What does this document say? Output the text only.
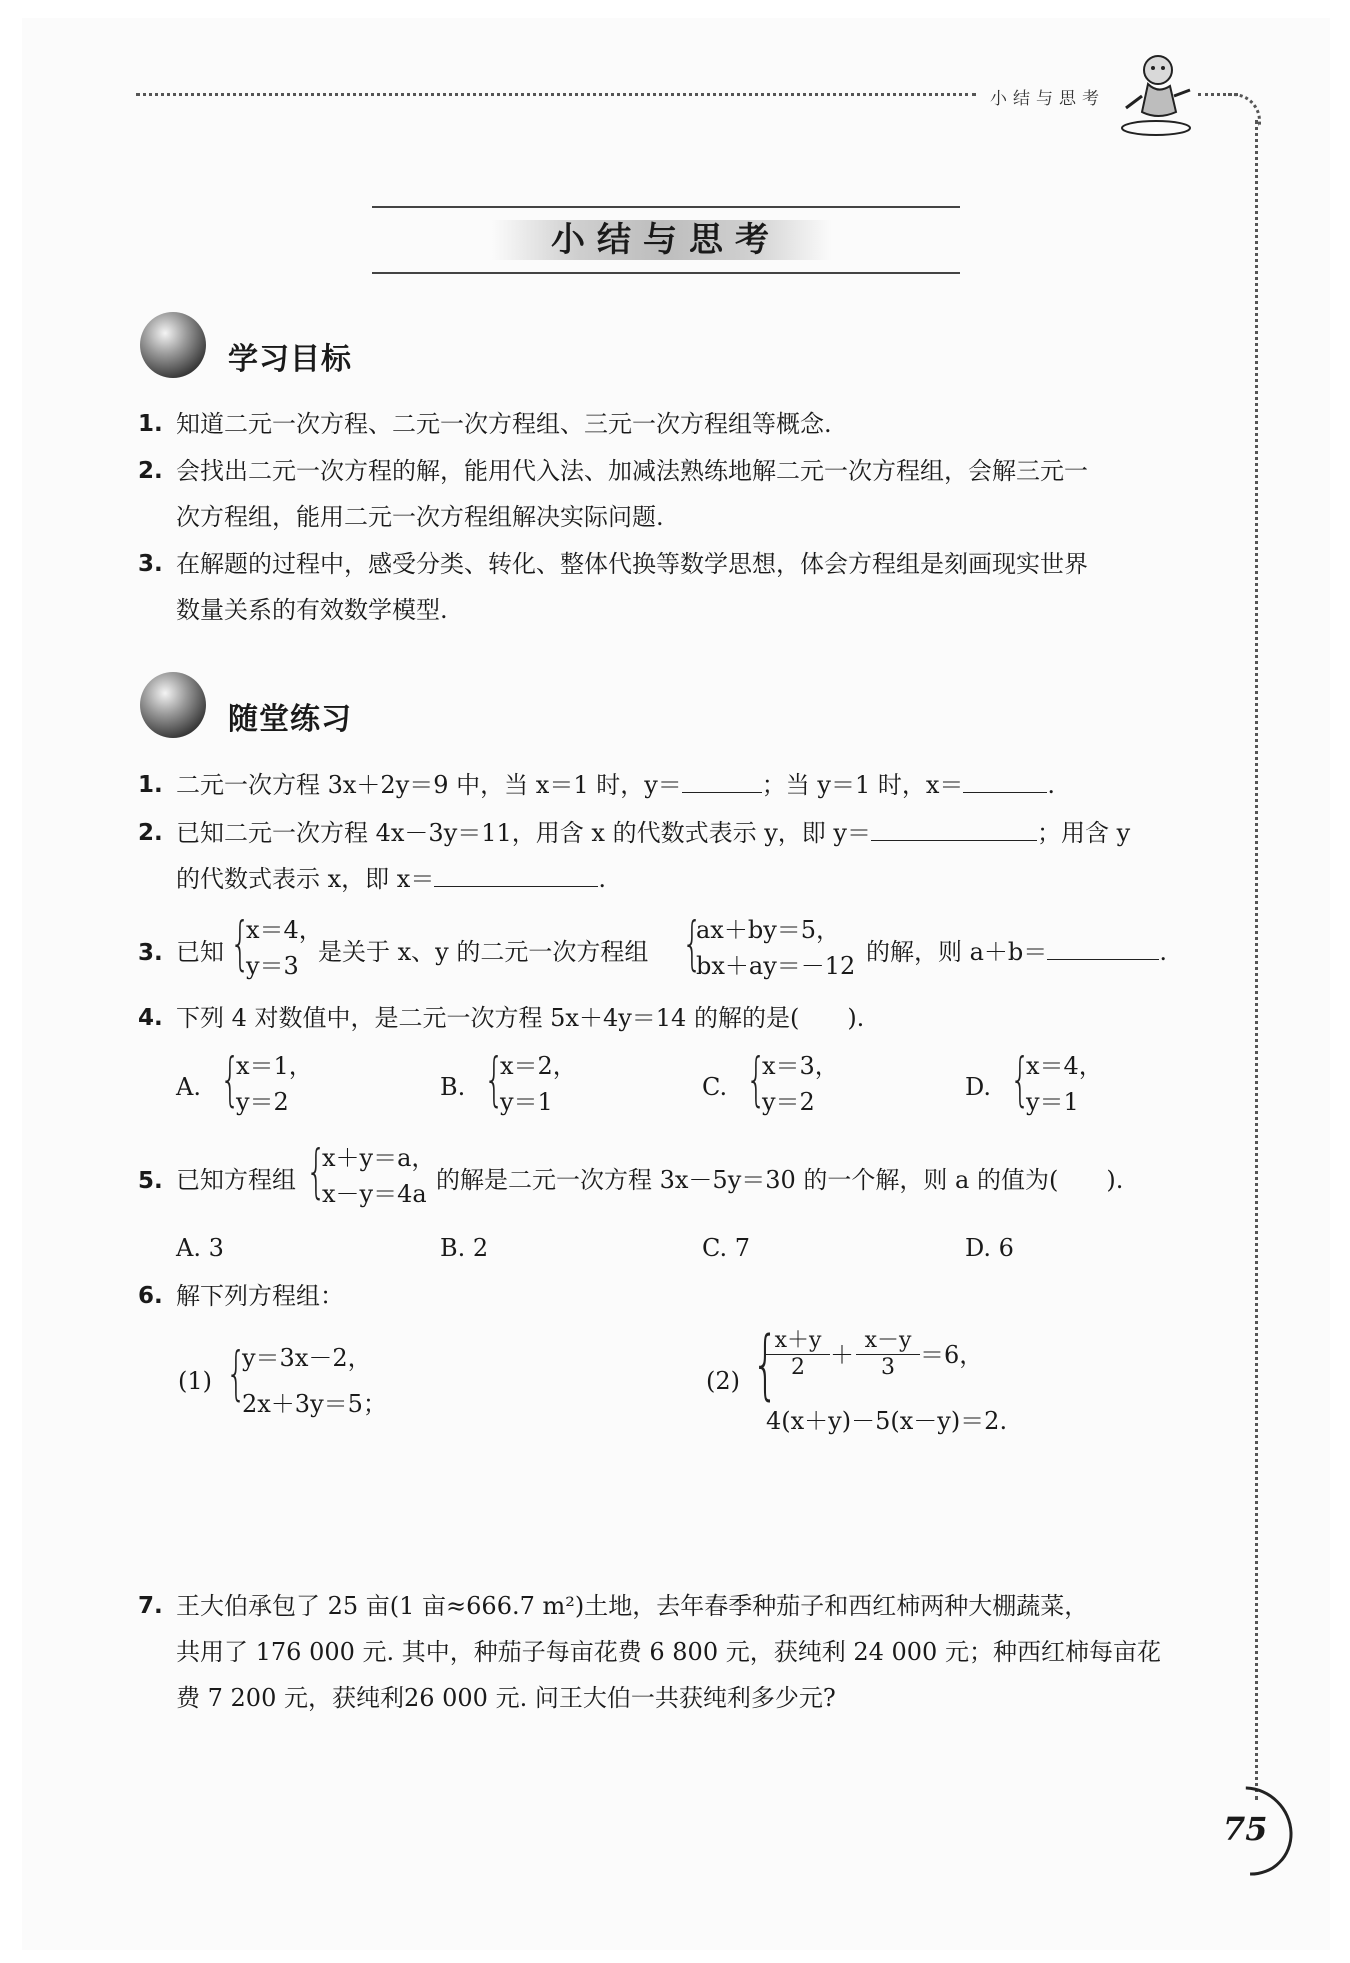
小结与思考
小结与思考
学习目标
1. 知道二元一次方程、二元一次方程组、三元一次方程组等概念.
2. 会找出二元一次方程的解，能用代入法、加减法熟练地解二元一次方程组，会解三元一
次方程组，能用二元一次方程组解决实际问题.
3. 在解题的过程中，感受分类、转化、整体代换等数学思想，体会方程组是刻画现实世界
数量关系的有效数学模型.
随堂练习
1. 二元一次方程 3x＋2y＝9 中，当 x＝1 时，y＝	；当 y＝1 时，x＝	.
2. 已知二元一次方程 4x－3y＝11，用含 x 的代数式表示 y，即 y＝	；用含 y
的代数式表示 x，即 x＝	.
3. 已知 {
x＝4，
y＝3 是关于 x、y 的二元一次方程组 {
ax＋by＝5，
bx＋ay＝－12 的解，则 a＋b＝	.
4. 下列 4 对数值中，是二元一次方程 5x＋4y＝14 的解的是(　　).
A. {
x＝1，
y＝2
B. {
x＝2，
y＝1
C. {
x＝3，
y＝2
D. {
x＝4，
y＝1
5. 已知方程组 {
x＋y＝a，
x－y＝4a 的解是二元一次方程 3x－5y＝30 的一个解，则 a 的值为(　　).
A. 3	B. 2	C. 7	D. 6
6. 解下列方程组：
(1) {
y＝3x－2，
2x＋3y＝5；
(2) {
$\frac{x+y}{2} + \frac{x-y}{3} =6$，
4(x＋y)－5(x－y)＝2.
7. 王大伯承包了 25 亩(1 亩≈666.7 m²)土地，去年春季种茄子和西红柿两种大棚蔬菜，
共用了 176 000 元. 其中，种茄子每亩花费 6 800 元，获纯利 24 000 元；种西红柿每亩花
费 7 200 元，获纯利26 000 元. 问王大伯一共获纯利多少元?
75
